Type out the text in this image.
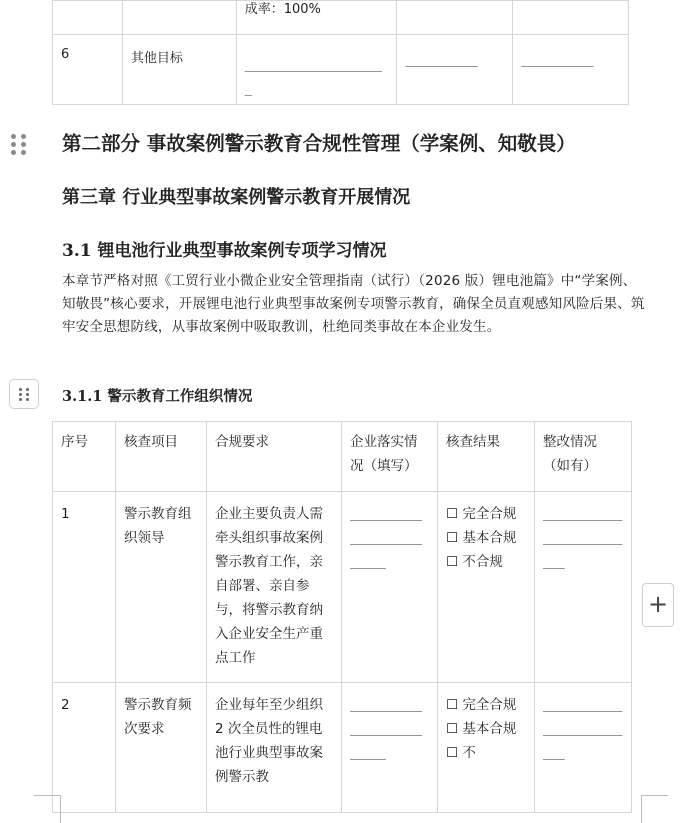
		成率：100%		
6	其他目标	____________________	__________	__________
第二部分 事故案例警示教育合规性管理（学案例、知敬畏）
第三章 行业典型事故案例警示教育开展情况
3.1 锂电池行业典型事故案例专项学习情况
本章节严格对照《工贸行业小微企业安全管理指南（试行）（2026 版）锂电池篇》中“学案例、知敬畏”核心要求，开展锂电池行业典型事故案例专项警示教育，确保全员直观感知风险后果、筑牢安全思想防线，从事故案例中吸取教训，杜绝同类事故在本企业发生。
3.1.1 警示教育工作组织情况
序号	核查项目	合规要求	企业落实情况（填写）	核查结果	整改情况（如有）
1	警示教育组织领导	企业主要负责人需牵头组织事故案例警示教育工作，亲自部署、亲自参与，将警示教育纳入企业安全生产重点工作	_________________________	☐ 完全合规 ☐ 基本合规 ☐ 不合规	_________________________
2	警示教育频次要求	企业每年至少组织 2 次全员性的锂电池行业典型事故案例警示教	_________________________	☐ 完全合规 ☐ 基本合规 ☐ 不	_________________________
+
